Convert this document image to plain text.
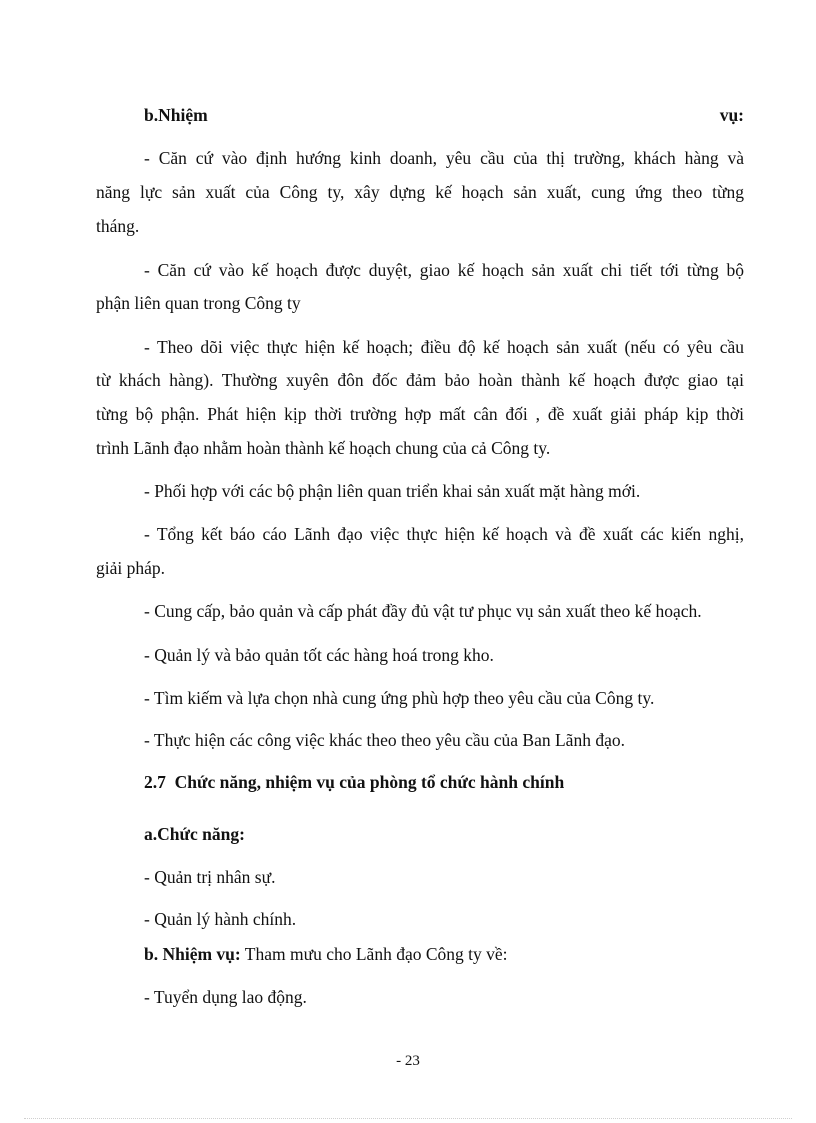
b.Nhiệm	vụ:
- Căn cứ vào định hướng kinh doanh, yêu cầu của thị trường, khách hàng và
năng lực sản xuất của Công ty, xây dựng kế hoạch sản xuất, cung ứng theo từng
tháng.
- Căn cứ vào kế hoạch được duyệt, giao kế hoạch sản xuất chi tiết tới từng bộ
phận liên quan trong Công ty
- Theo dõi việc thực hiện kế hoạch; điều độ kế hoạch sản xuất (nếu có yêu cầu
từ khách hàng). Thường xuyên đôn đốc đảm bảo hoàn thành kế hoạch được giao tại
từng bộ phận. Phát hiện kịp thời trường hợp mất cân đối , đề xuất giải pháp kịp thời
trình Lãnh đạo nhằm hoàn thành kế hoạch chung của cả Công ty.
- Phối hợp với các bộ phận liên quan triển khai sản xuất mặt hàng mới.
- Tổng kết báo cáo Lãnh đạo việc thực hiện kế hoạch và đề xuất các kiến nghị,
giải pháp.
- Cung cấp, bảo quản và cấp phát đầy đủ vật tư phục vụ sản xuất theo kế hoạch.
- Quản lý và bảo quản tốt các hàng hoá trong kho.
- Tìm kiếm và lựa chọn nhà cung ứng phù hợp theo yêu cầu của Công ty.
- Thực hiện các công việc khác theo theo yêu cầu của Ban Lãnh đạo.
2.7 Chức năng, nhiệm vụ của phòng tổ chức hành chính
a.Chức năng:
- Quản trị nhân sự.
- Quản lý hành chính.
b. Nhiệm vụ: Tham mưu cho Lãnh đạo Công ty về:
- Tuyển dụng lao động.
- 23
